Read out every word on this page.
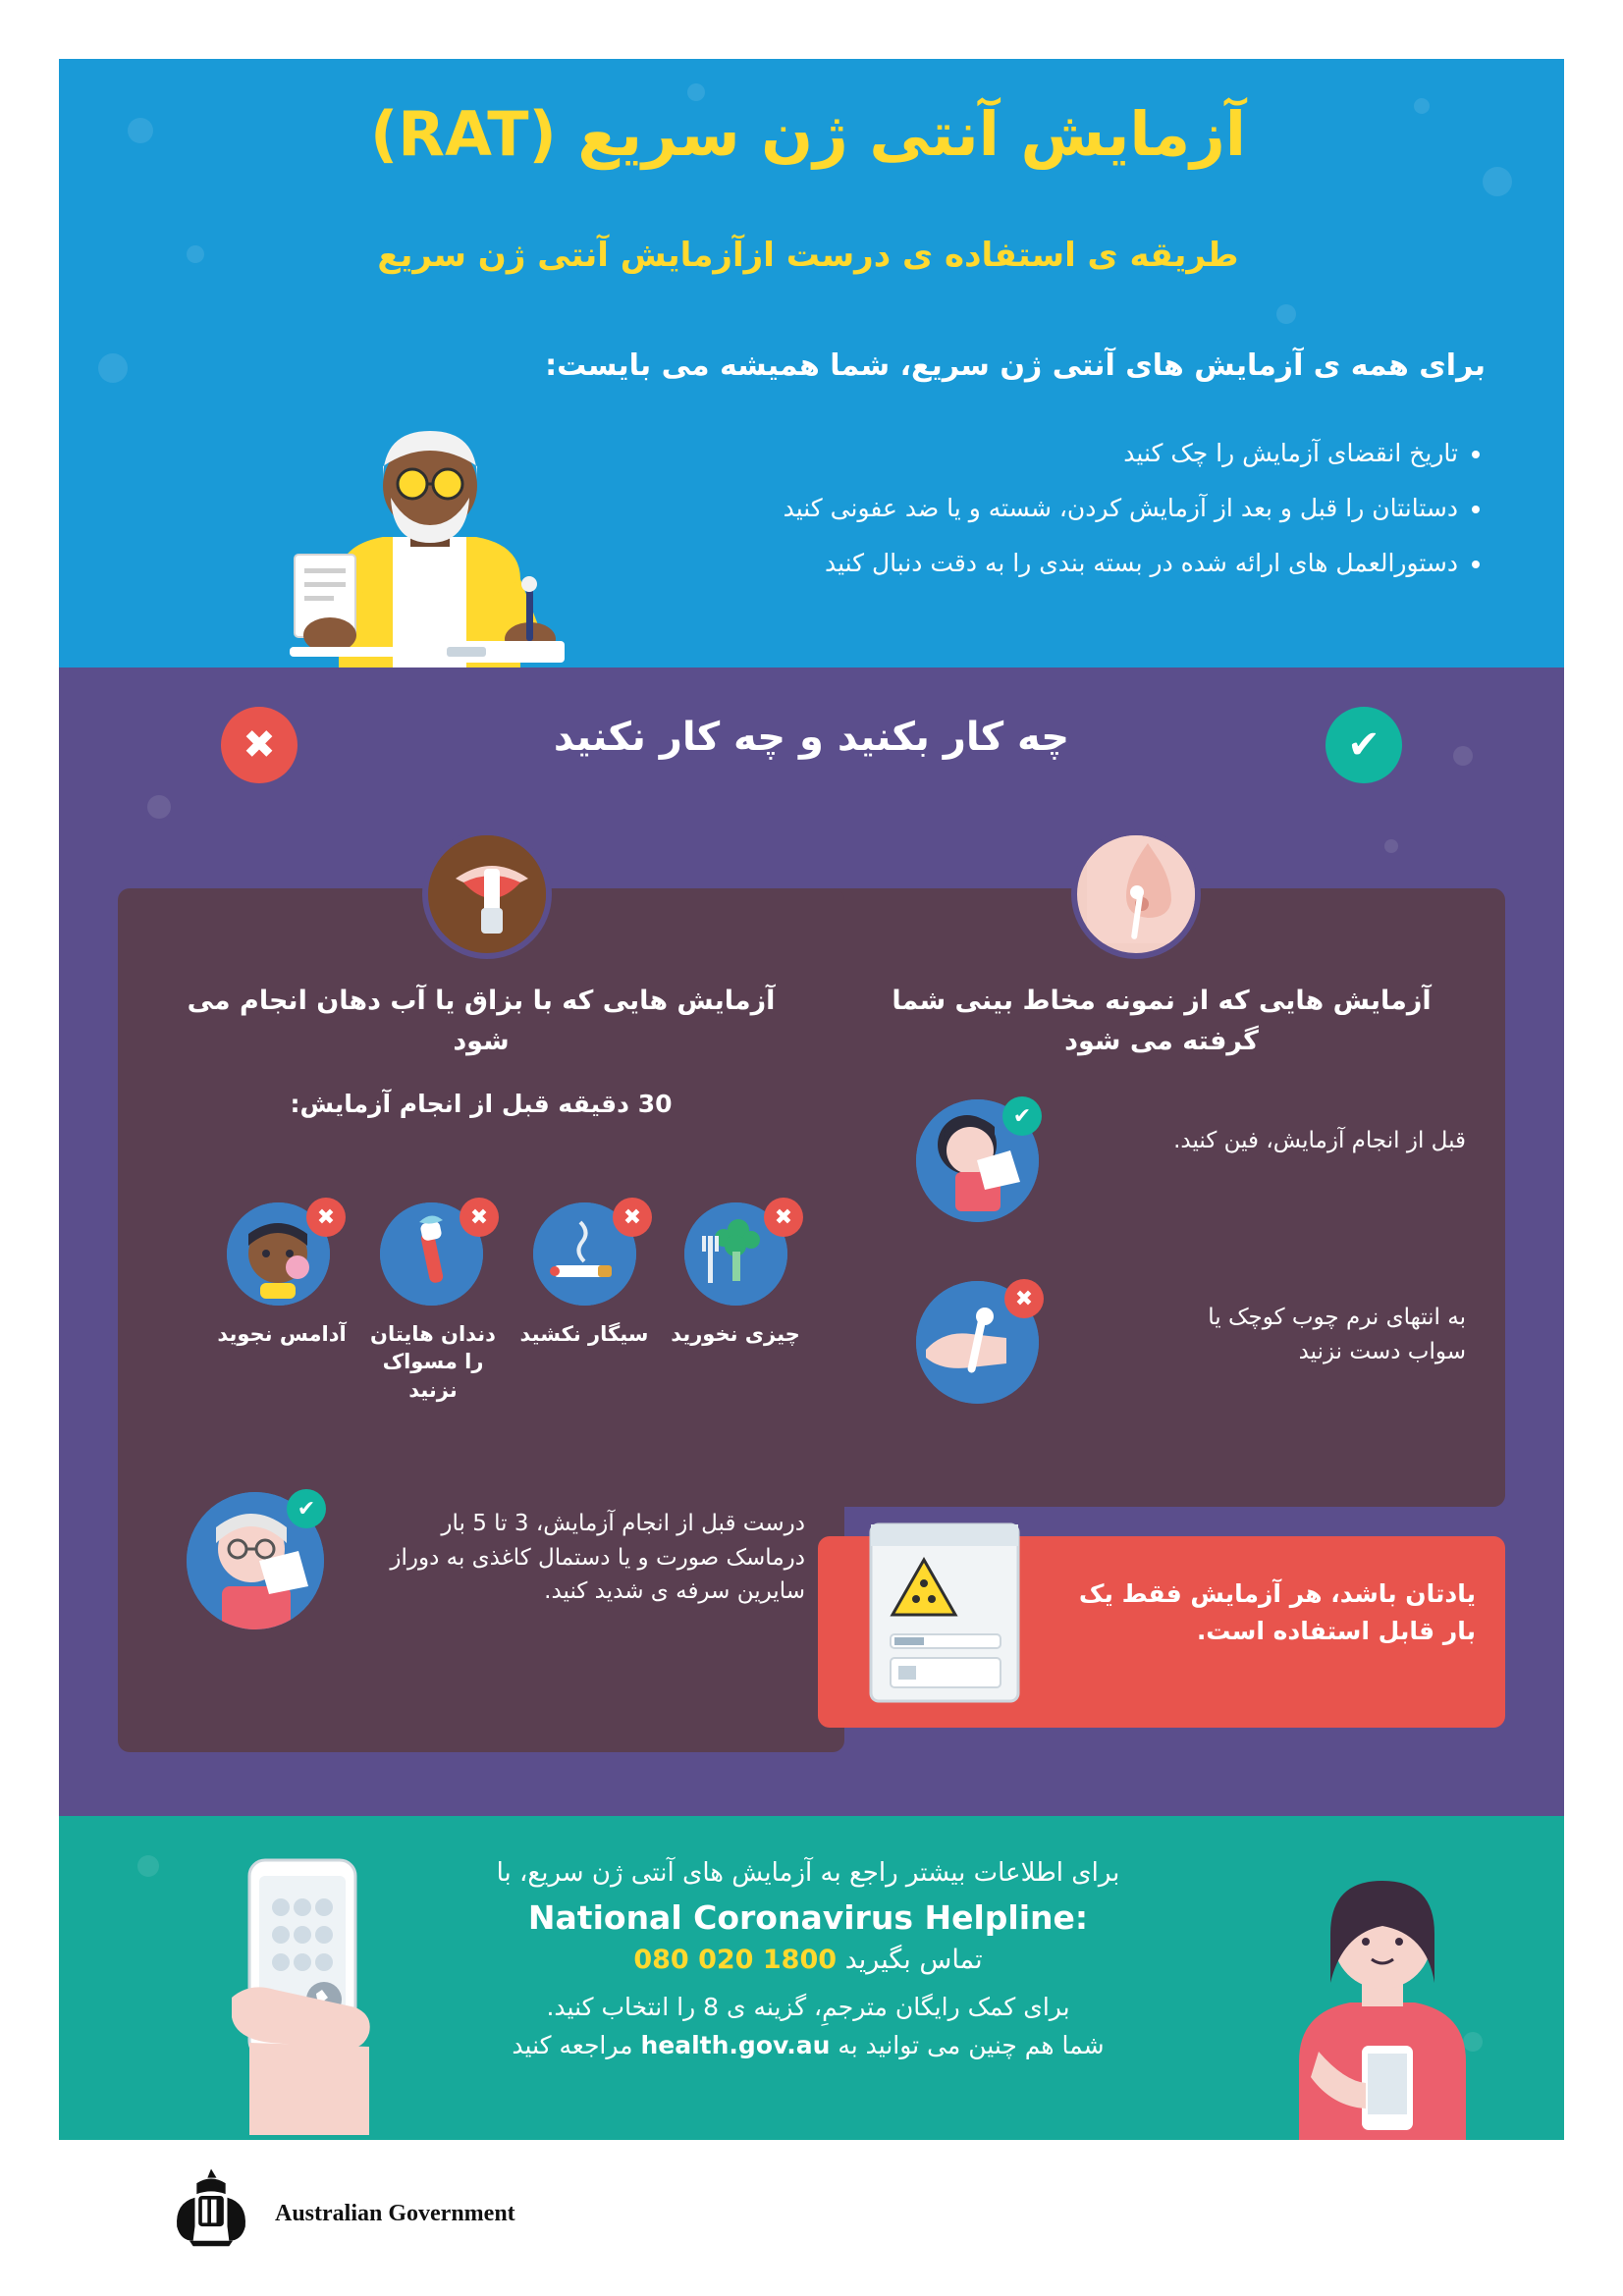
آزمایش آنتی ژن سریع (RAT)
طریقه ی استفاده ی درست ازآزمایش آنتی ژن سریع
برای همه ی آزمایش های آنتی ژن سریع، شما همیشه می بایست:
• تاریخ انقضای آزمایش را چک کنید
• دستانتان را قبل و بعد از آزمایش کردن، شسته و یا ضد عفونی کنید
• دستورالعمل های ارائه شده در بسته بندی را به دقت دنبال کنید
چه کار بکنید و چه کار نکنید
✖	✔
آزمایش هایی که از نمونه مخاط بینی شما گرفته می شود
قبل از انجام آزمایش، فین کنید.
✔
به انتهای نرم چوب کوچک یا سواب دست نزنید
✖
آزمایش هایی که با بزاق یا آب دهان انجام می شود
30 دقیقه قبل از انجام آزمایش:
✖
چیزی نخورید
✖
سیگار نکشید
✖
دندان هایتان را مسواک نزنید
✖
آدامس نجوید
درست قبل از انجام آزمایش، 3 تا 5 بار درماسک صورت و یا دستمال کاغذی به دوراز سایرین سرفه ی شدید کنید.
✔
یادتان باشد، هر آزمایش فقط یک بار قابل استفاده است.
برای اطلاعات بیشتر راجع به آزمایش های آنتی ژن سریع، با
National Coronavirus Helpline:
تماس بگیرید 1800 020 080
برای کمک رایگان مترجمِ، گزینه ی 8 را انتخاب کنید.
شما هم چنین می توانید به health.gov.au مراجعه کنید
Australian Government
